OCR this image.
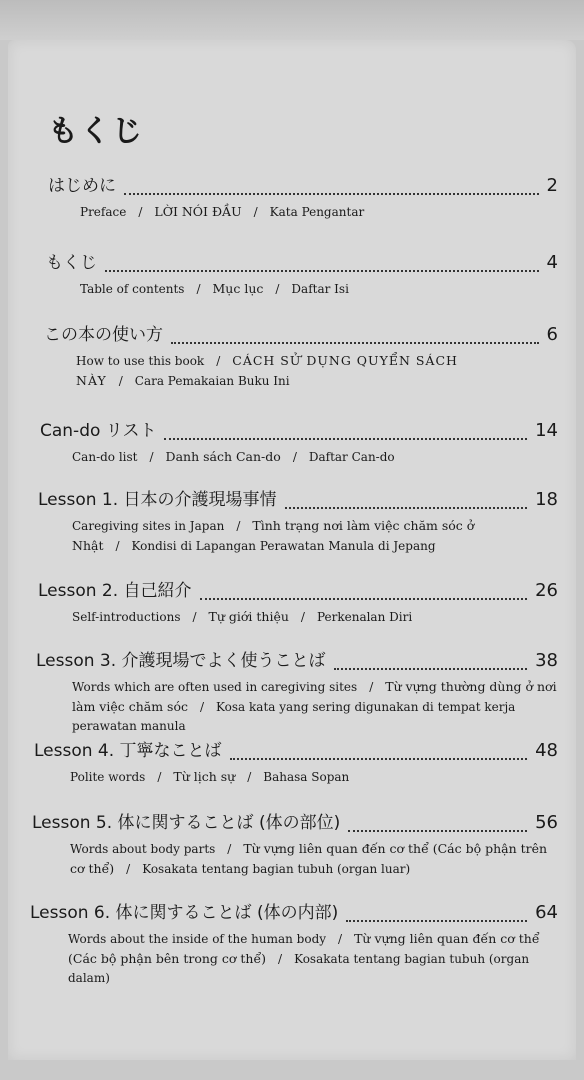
もくじ
はじめに	2
Preface / LỜI NÓI ĐẦU / Kata Pengantar
もくじ	4
Table of contents / Mục lục / Daftar Isi
この本の使い方	6
How to use this book / CÁCH SỬ DỤNG QUYỂN SÁCH NÀY / Cara Pemakaian Buku Ini
Can-do リスト	14
Can-do list / Danh sách Can-do / Daftar Can-do
Lesson 1. 日本の介護現場事情	18
Caregiving sites in Japan / Tình trạng nơi làm việc chăm sóc ở Nhật / Kondisi di Lapangan Perawatan Manula di Jepang
Lesson 2. 自己紹介	26
Self-introductions / Tự giới thiệu / Perkenalan Diri
Lesson 3. 介護現場でよく使うことば	38
Words which are often used in caregiving sites / Từ vựng thường dùng ở nơi làm việc chăm sóc / Kosa kata yang sering digunakan di tempat kerja perawatan manula
Lesson 4. 丁寧なことば	48
Polite words / Từ lịch sự / Bahasa Sopan
Lesson 5. 体に関することば (体の部位)	56
Words about body parts / Từ vựng liên quan đến cơ thể (Các bộ phận trên cơ thể) / Kosakata tentang bagian tubuh (organ luar)
Lesson 6. 体に関することば (体の内部)	64
Words about the inside of the human body / Từ vựng liên quan đến cơ thể (Các bộ phận bên trong cơ thể) / Kosakata tentang bagian tubuh (organ dalam)
